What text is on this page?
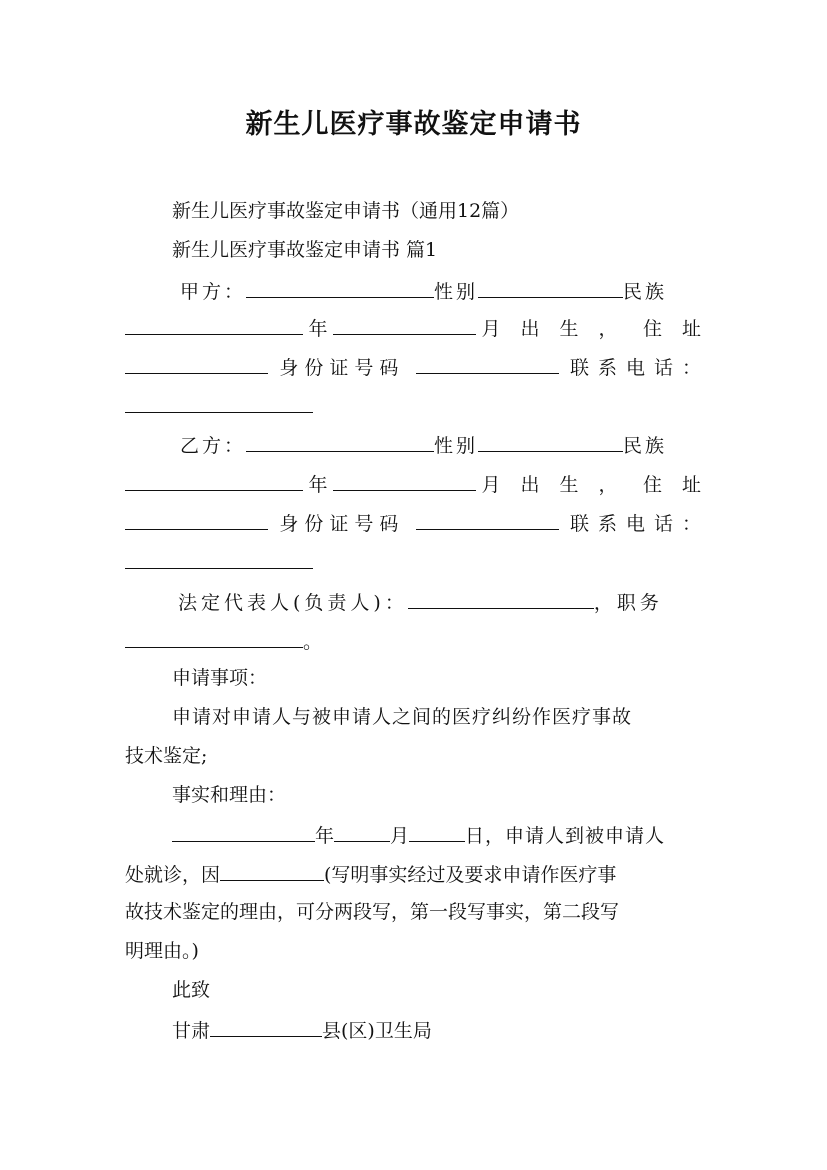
新生儿医疗事故鉴定申请书
新生儿医疗事故鉴定申请书（通用12篇）
新生儿医疗事故鉴定申请书 篇1
甲方：	性别	民族
年	月出生， 住址
身份证号码	联系电话：
乙方：	性别	民族
年	月出生， 住址
身份证号码	联系电话：
法定代表人(负责人)：	，职务
。
申请事项：
申请对申请人与被申请人之间的医疗纠纷作医疗事故
技术鉴定;
事实和理由：
年	月	日，申请人到被申请人
处就诊，因	(写明事实经过及要求申请作医疗事
故技术鉴定的理由，可分两段写，第一段写事实，第二段写
明理由。)
此致
甘肃	县(区)卫生局
